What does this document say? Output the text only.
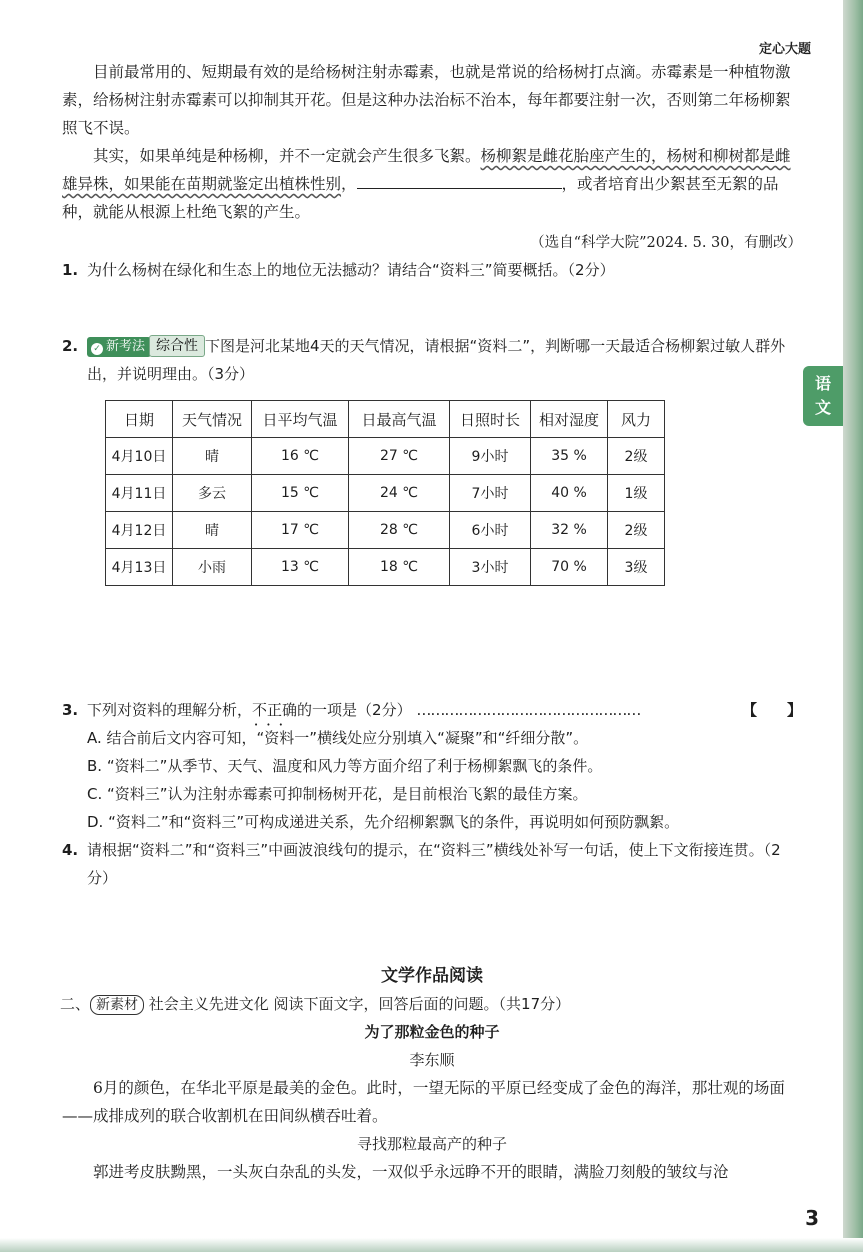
定心大题
语
文

目前最常用的、短期最有效的是给杨树注射赤霉素，也就是常说的给杨树打点滴。赤霉素是一种植物激素，给杨树注射赤霉素可以抑制其开花。但是这种办法治标不治本，每年都要注射一次，否则第二年杨柳絮照飞不误。

其实，如果单纯是种杨柳，并不一定就会产生很多飞絮。杨柳絮是雌花胎座产生的，杨树和柳树都是雌雄异株，如果能在苗期就鉴定出植株性别，	，或者培育出少絮甚至无絮的品种，就能从根源上杜绝飞絮的产生。

（选自“科学大院”2024. 5. 30，有删改）

1. 为什么杨树在绿化和生态上的地位无法撼动？请结合“资料三”简要概括。（2分）
2. ✓ 新考法 综合性 下图是河北某地4天的天气情况，请根据“资料二”，判断哪一天最适合杨柳絮过敏人群外出，并说明理由。（3分）
日期	天气情况	日平均气温	日最高气温	日照时长	相对湿度	风力
4月10日	晴	16 ℃	27 ℃	9小时	35 %	2级
4月11日	多云	15 ℃	24 ℃	7小时	40 %	1级
4月12日	晴	17 ℃	28 ℃	6小时	32 %	2级
4月13日	小雨	13 ℃	18 ℃	3小时	70 %	3级
3. 下列对资料的理解分析，不正确 • • •的一项是（2分） …………………………………………	【　　】

A. 结合前后文内容可知，“资料一”横线处应分别填入“凝聚”和“纤细分散”。

B. “资料二”从季节、天气、温度和风力等方面介绍了利于杨柳絮飘飞的条件。

C. “资料三”认为注射赤霉素可抑制杨树开花，是目前根治飞絮的最佳方案。

D. “资料二”和“资料三”可构成递进关系，先介绍柳絮飘飞的条件，再说明如何预防飘絮。

4. 请根据“资料二”和“资料三”中画波浪线句的提示，在“资料三”横线处补写一句话，使上下文衔接连贯。（2分）
文学作品阅读

二、 新素材 社会主义先进文化 阅读下面文字，回答后面的问题。（共17分）

为了那粒金色的种子

李东顺

6月的颜色，在华北平原是最美的金色。此时，一望无际的平原已经变成了金色的海洋，那壮观的场面——成排成列的联合收割机在田间纵横吞吐着。

寻找那粒最高产的种子

郭进考皮肤黝黑，一头灰白杂乱的头发，一双似乎永远睁不开的眼睛，满脸刀刻般的皱纹与沧

3
